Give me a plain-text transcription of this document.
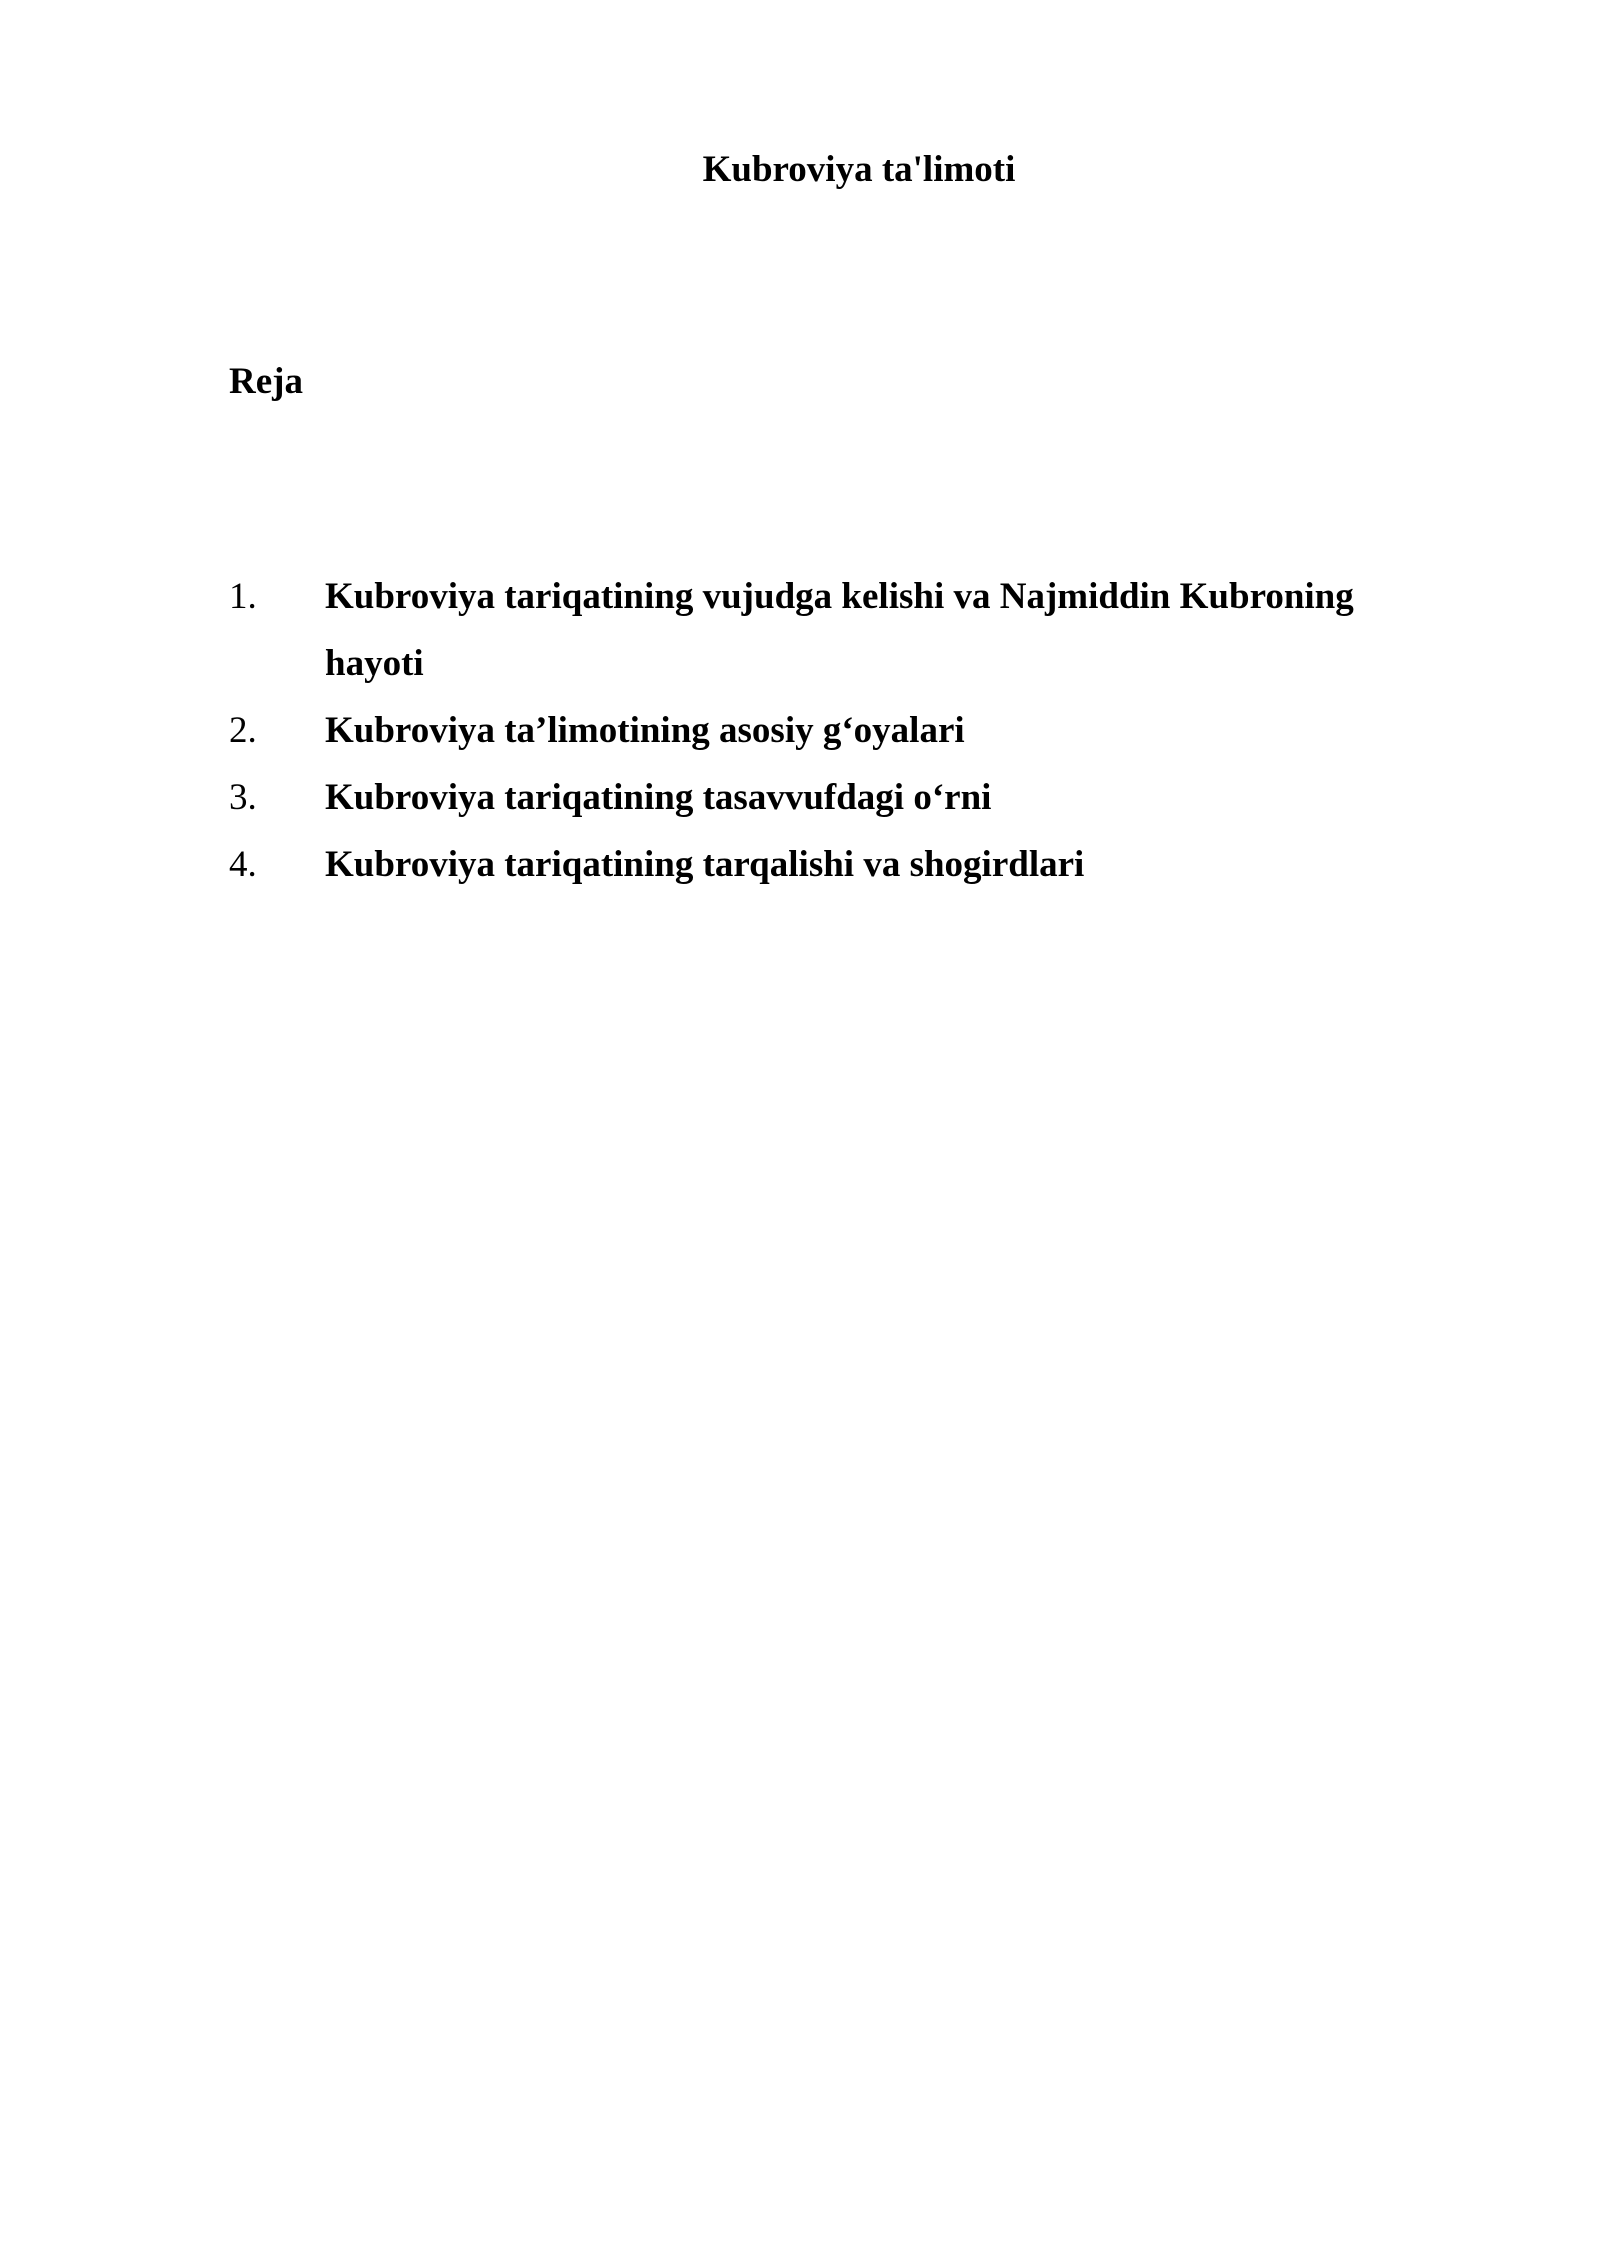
Kubroviya ta'limoti
Reja
1.	Kubroviya tariqatining vujudga kelishi va Najmiddin Kubroning hayoti
2.	Kubroviya ta’limotining asosiy g‘oyalari
3.	Kubroviya tariqatining tasavvufdagi o‘rni
4.	Kubroviya tariqatining tarqalishi va shogirdlari
